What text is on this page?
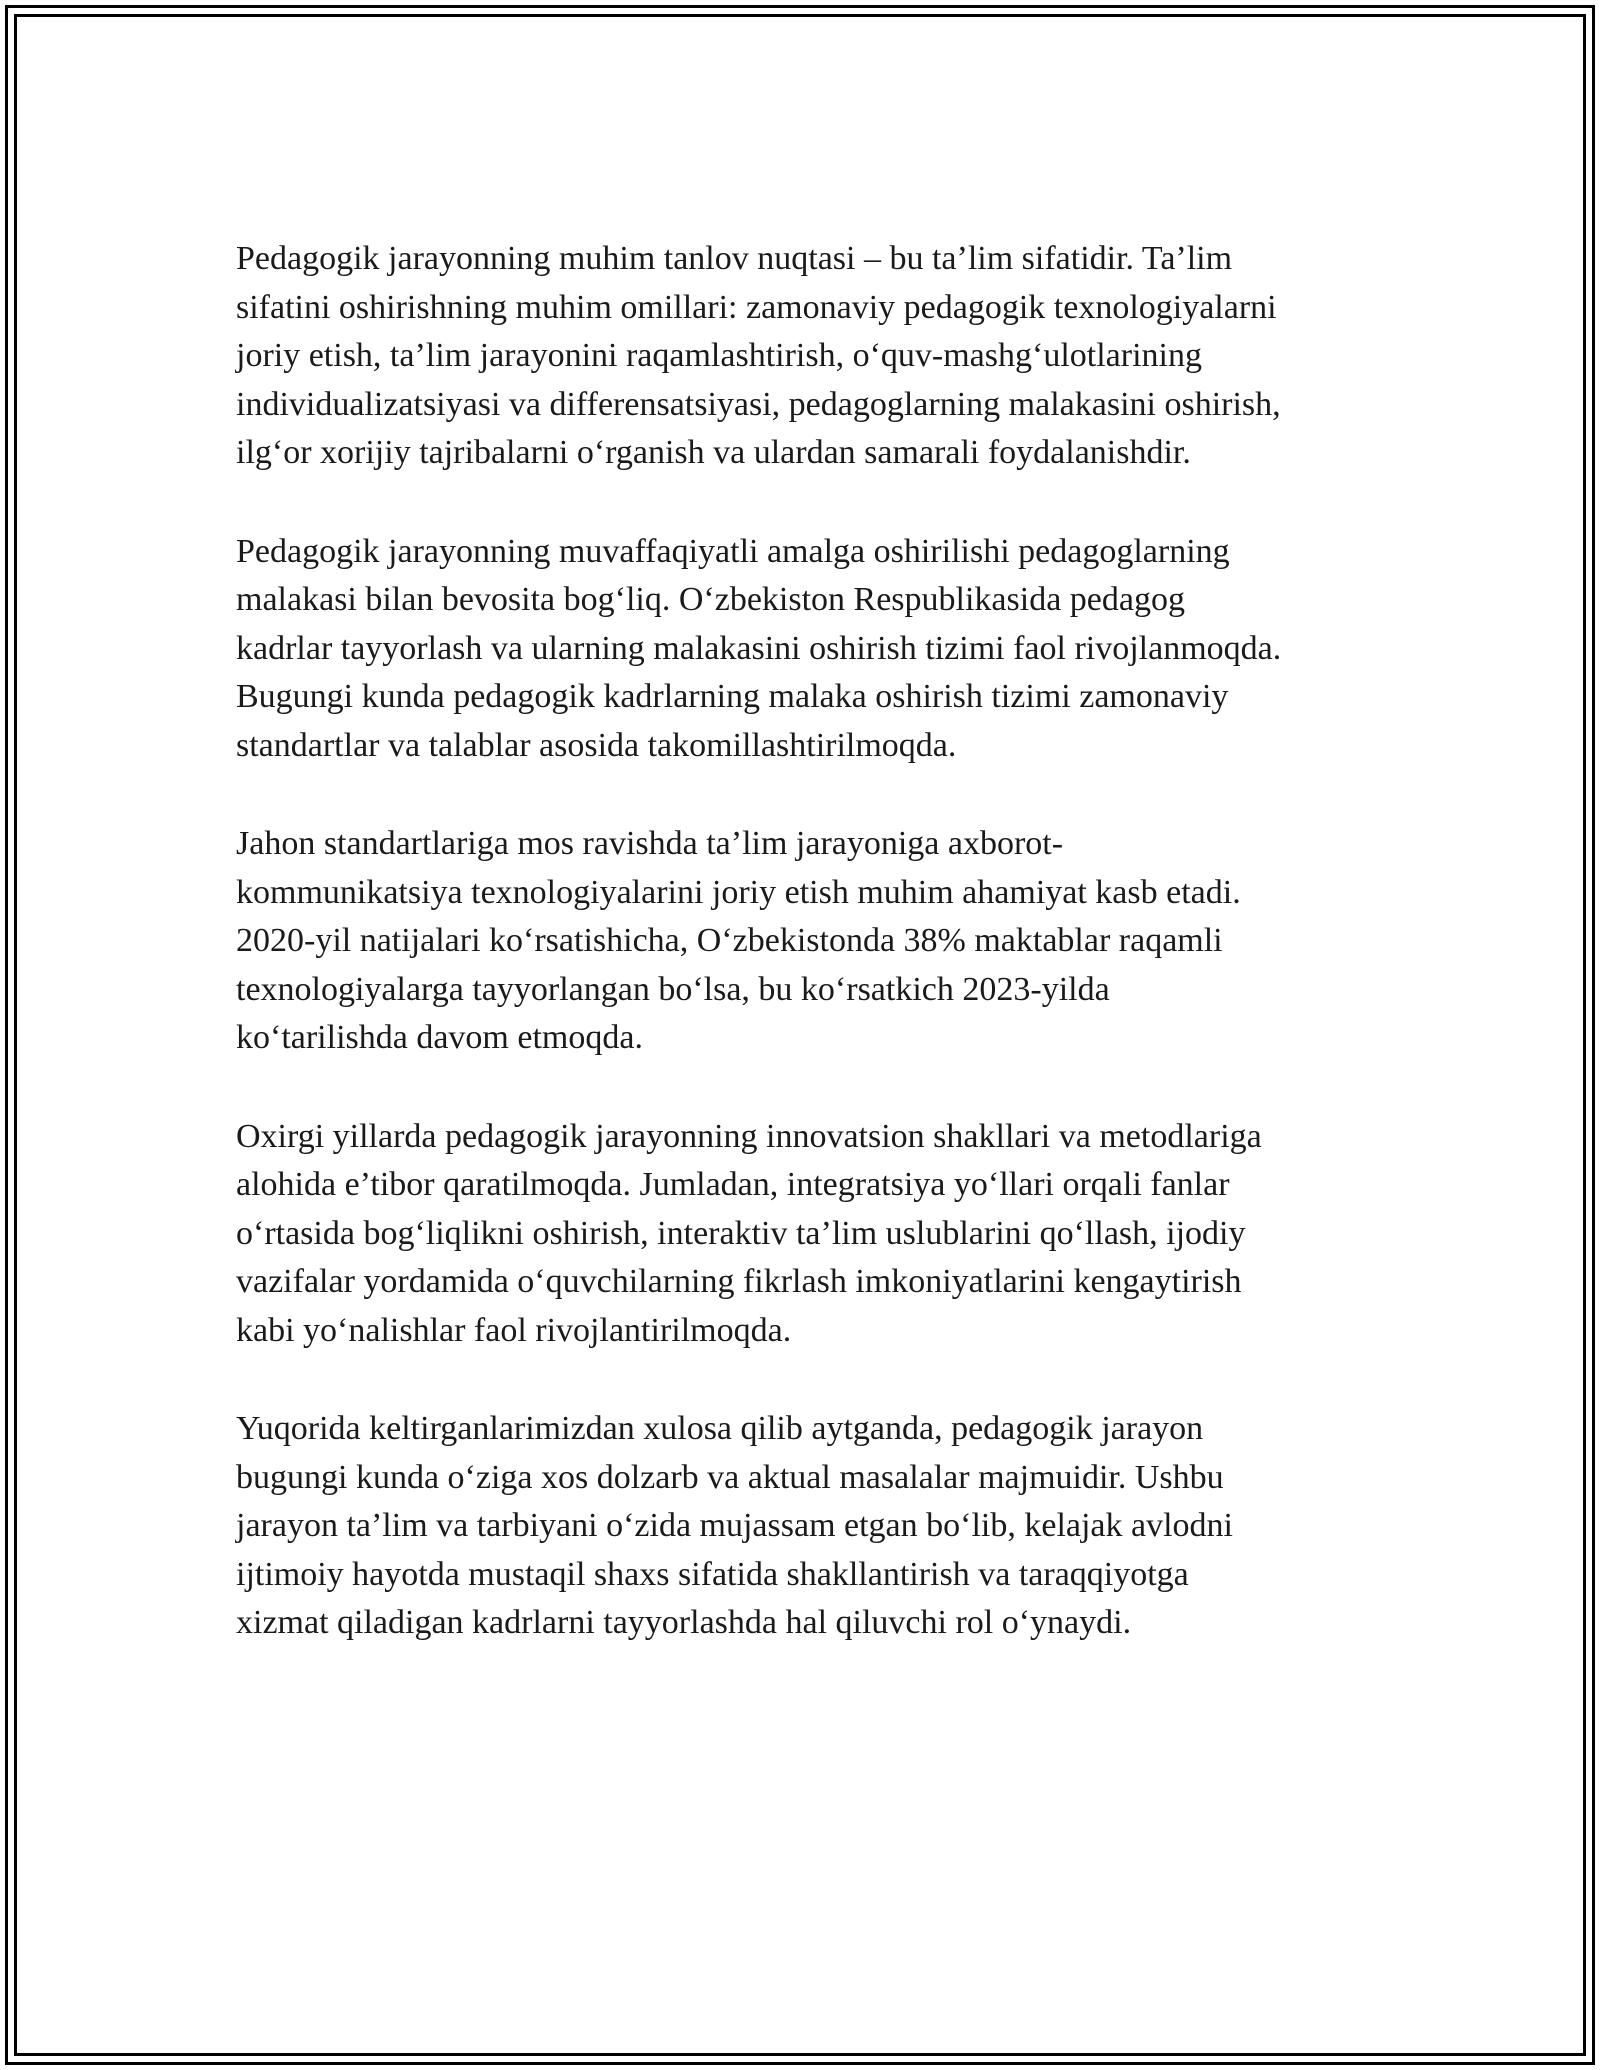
Pedagogik jarayonning muhim tanlov nuqtasi – bu ta’lim sifatidir. Ta’lim
sifatini oshirishning muhim omillari: zamonaviy pedagogik texnologiyalarni
joriy etish, ta’lim jarayonini raqamlashtirish, o‘quv-mashg‘ulotlarining
individualizatsiyasi va differensatsiyasi, pedagoglarning malakasini oshirish,
ilg‘or xorijiy tajribalarni o‘rganish va ulardan samarali foydalanishdir.

Pedagogik jarayonning muvaffaqiyatli amalga oshirilishi pedagoglarning
malakasi bilan bevosita bog‘liq. O‘zbekiston Respublikasida pedagog
kadrlar tayyorlash va ularning malakasini oshirish tizimi faol rivojlanmoqda.
Bugungi kunda pedagogik kadrlarning malaka oshirish tizimi zamonaviy
standartlar va talablar asosida takomillashtirilmoqda.

Jahon standartlariga mos ravishda ta’lim jarayoniga axborot-
kommunikatsiya texnologiyalarini joriy etish muhim ahamiyat kasb etadi.
2020-yil natijalari ko‘rsatishicha, O‘zbekistonda 38% maktablar raqamli
texnologiyalarga tayyorlangan bo‘lsa, bu ko‘rsatkich 2023-yilda
ko‘tarilishda davom etmoqda.

Oxirgi yillarda pedagogik jarayonning innovatsion shakllari va metodlariga
alohida e’tibor qaratilmoqda. Jumladan, integratsiya yo‘llari orqali fanlar
o‘rtasida bog‘liqlikni oshirish, interaktiv ta’lim uslublarini qo‘llash, ijodiy
vazifalar yordamida o‘quvchilarning fikrlash imkoniyatlarini kengaytirish
kabi yo‘nalishlar faol rivojlantirilmoqda.

Yuqorida keltirganlarimizdan xulosa qilib aytganda, pedagogik jarayon
bugungi kunda o‘ziga xos dolzarb va aktual masalalar majmuidir. Ushbu
jarayon ta’lim va tarbiyani o‘zida mujassam etgan bo‘lib, kelajak avlodni
ijtimoiy hayotda mustaqil shaxs sifatida shakllantirish va taraqqiyotga
xizmat qiladigan kadrlarni tayyorlashda hal qiluvchi rol o‘ynaydi.
